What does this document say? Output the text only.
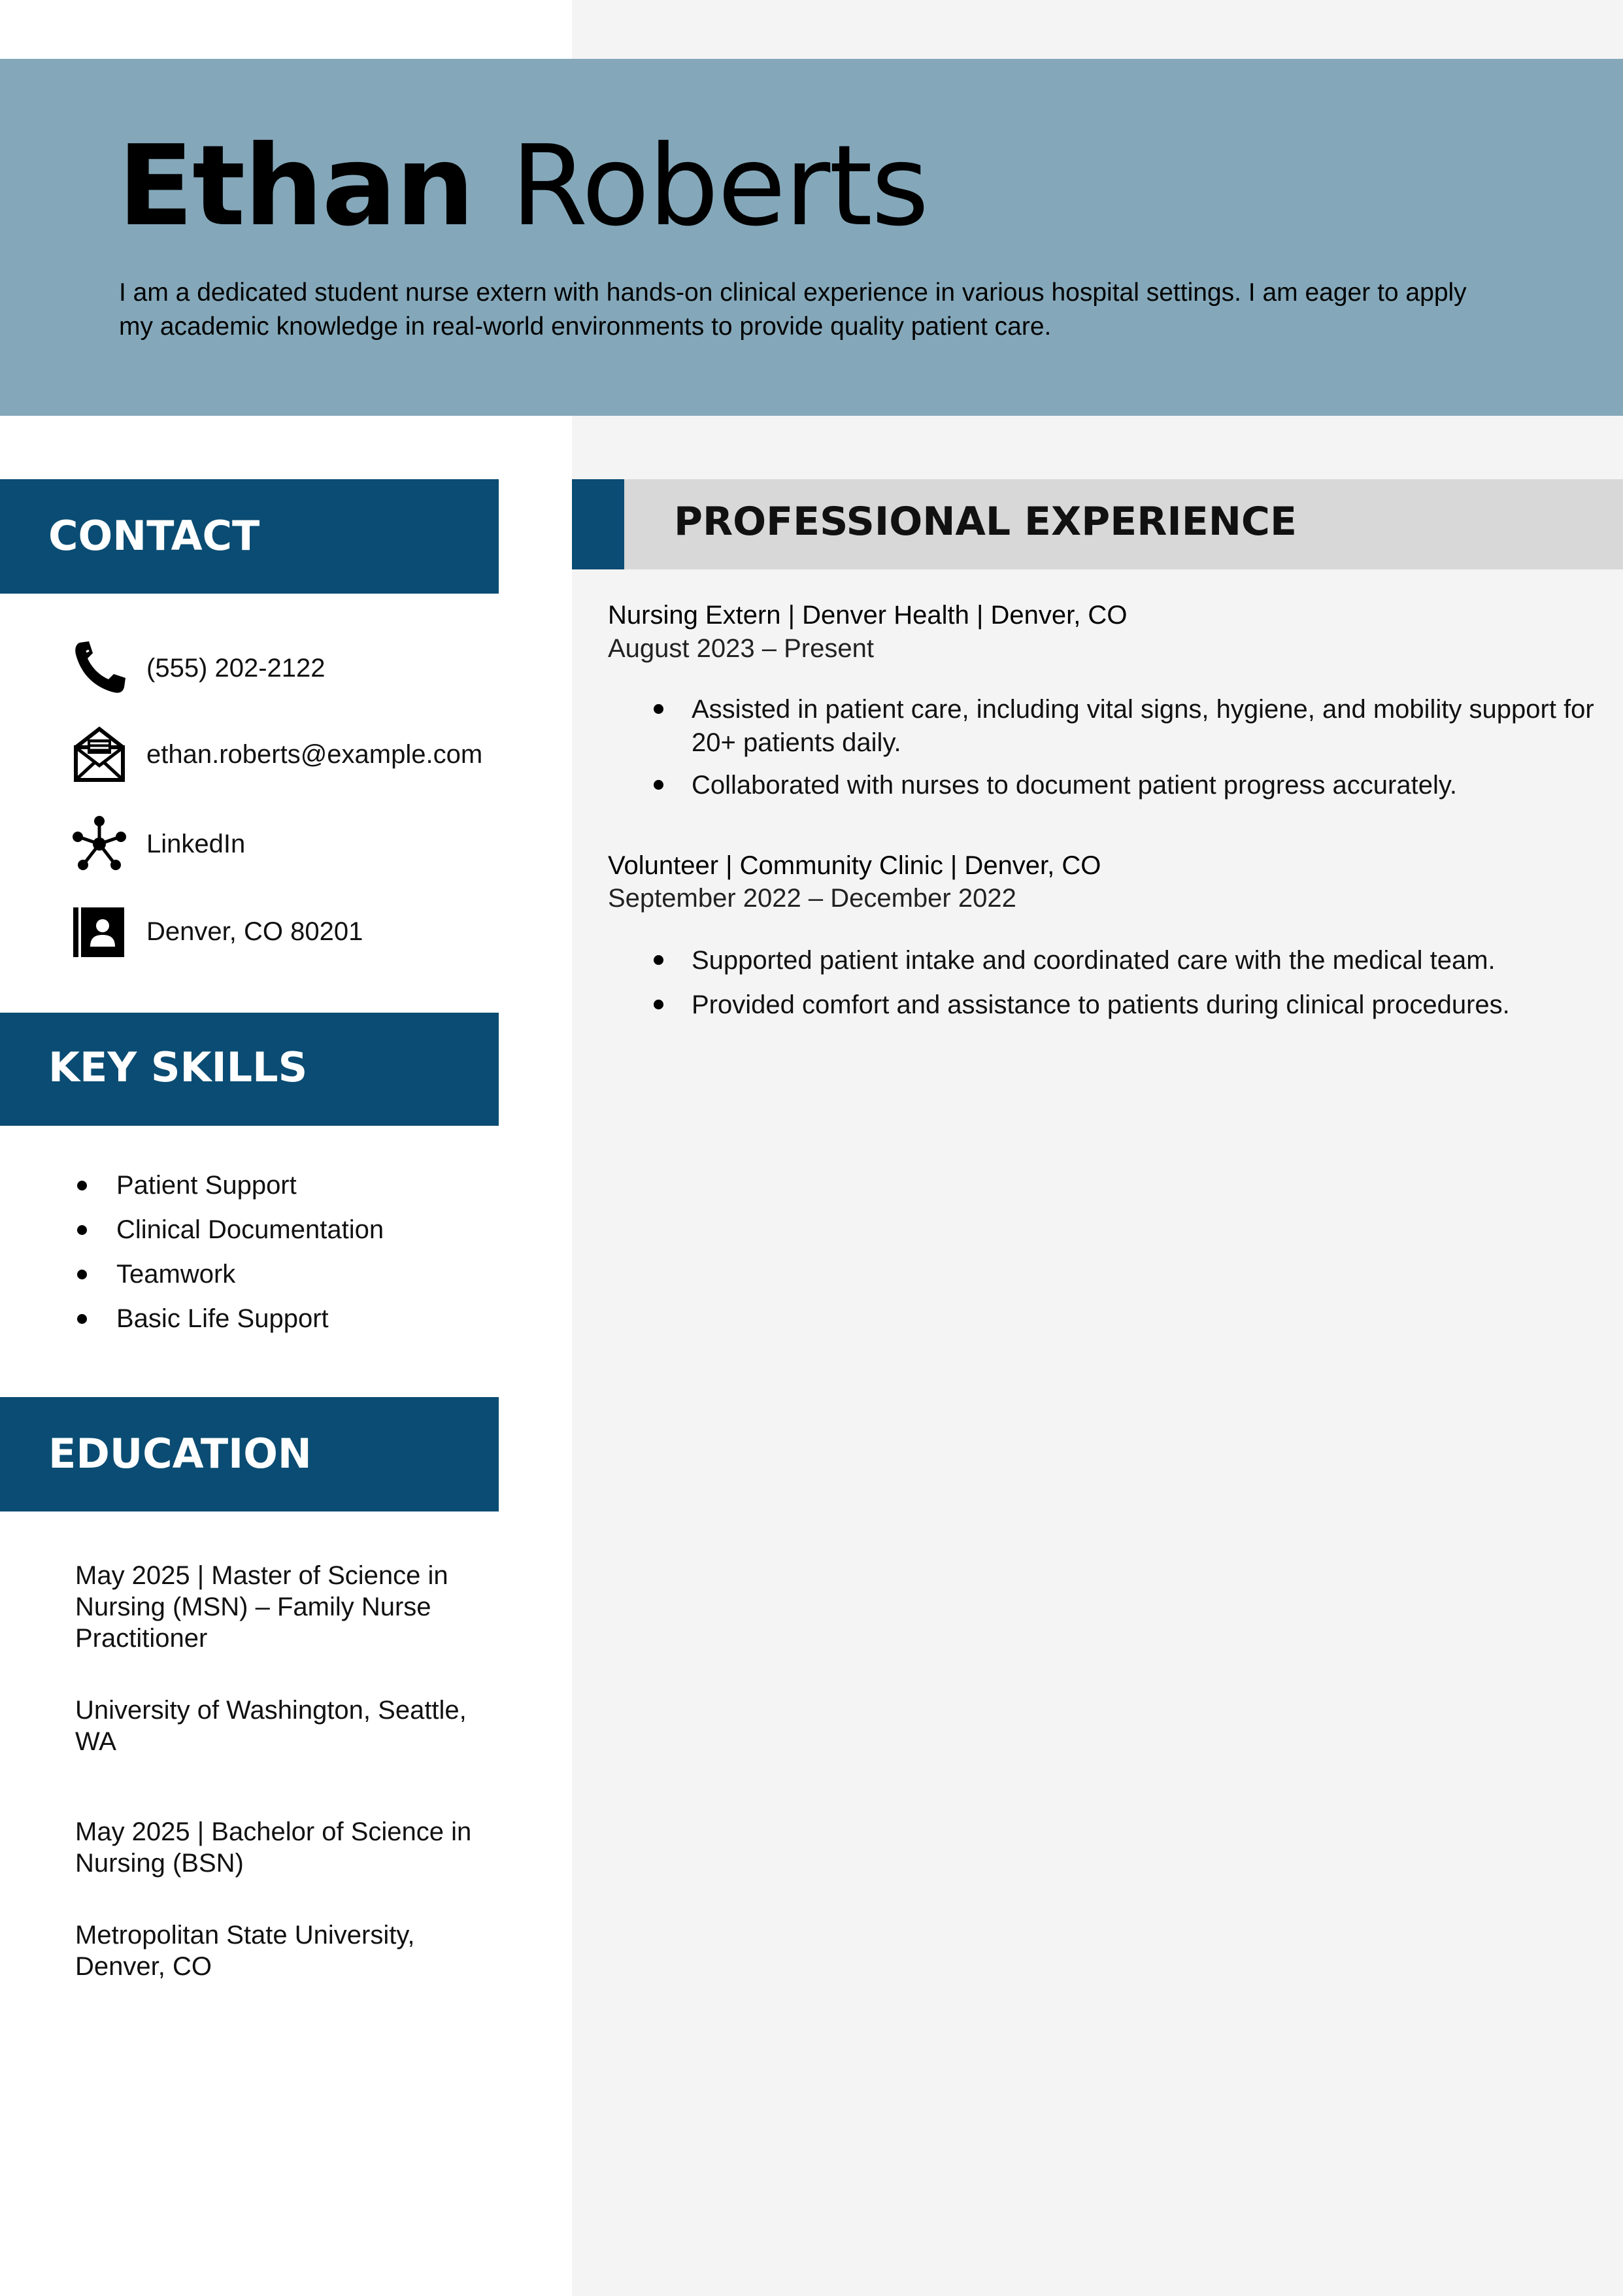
Ethan Roberts

I am a dedicated student nurse extern with hands-on clinical experience in various hospital settings. I am eager to apply my academic knowledge in real-world environments to provide quality patient care.

CONTACT
(555) 202-2122
ethan.roberts@example.com
LinkedIn
Denver, CO 80201
KEY SKILLS
Patient Support
Clinical Documentation
Teamwork
Basic Life Support
EDUCATION

May 2025 | Master of Science in Nursing (MSN) – Family Nurse Practitioner

University of Washington, Seattle, WA

May 2025 | Bachelor of Science in Nursing (BSN)

Metropolitan State University, Denver, CO

PROFESSIONAL EXPERIENCE

Nursing Extern | Denver Health | Denver, CO

August 2023 – Present

Assisted in patient care, including vital signs, hygiene, and mobility support for 20+ patients daily.
Collaborated with nurses to document patient progress accurately.

Volunteer | Community Clinic | Denver, CO

September 2022 – December 2022

Supported patient intake and coordinated care with the medical team.
Provided comfort and assistance to patients during clinical procedures.
